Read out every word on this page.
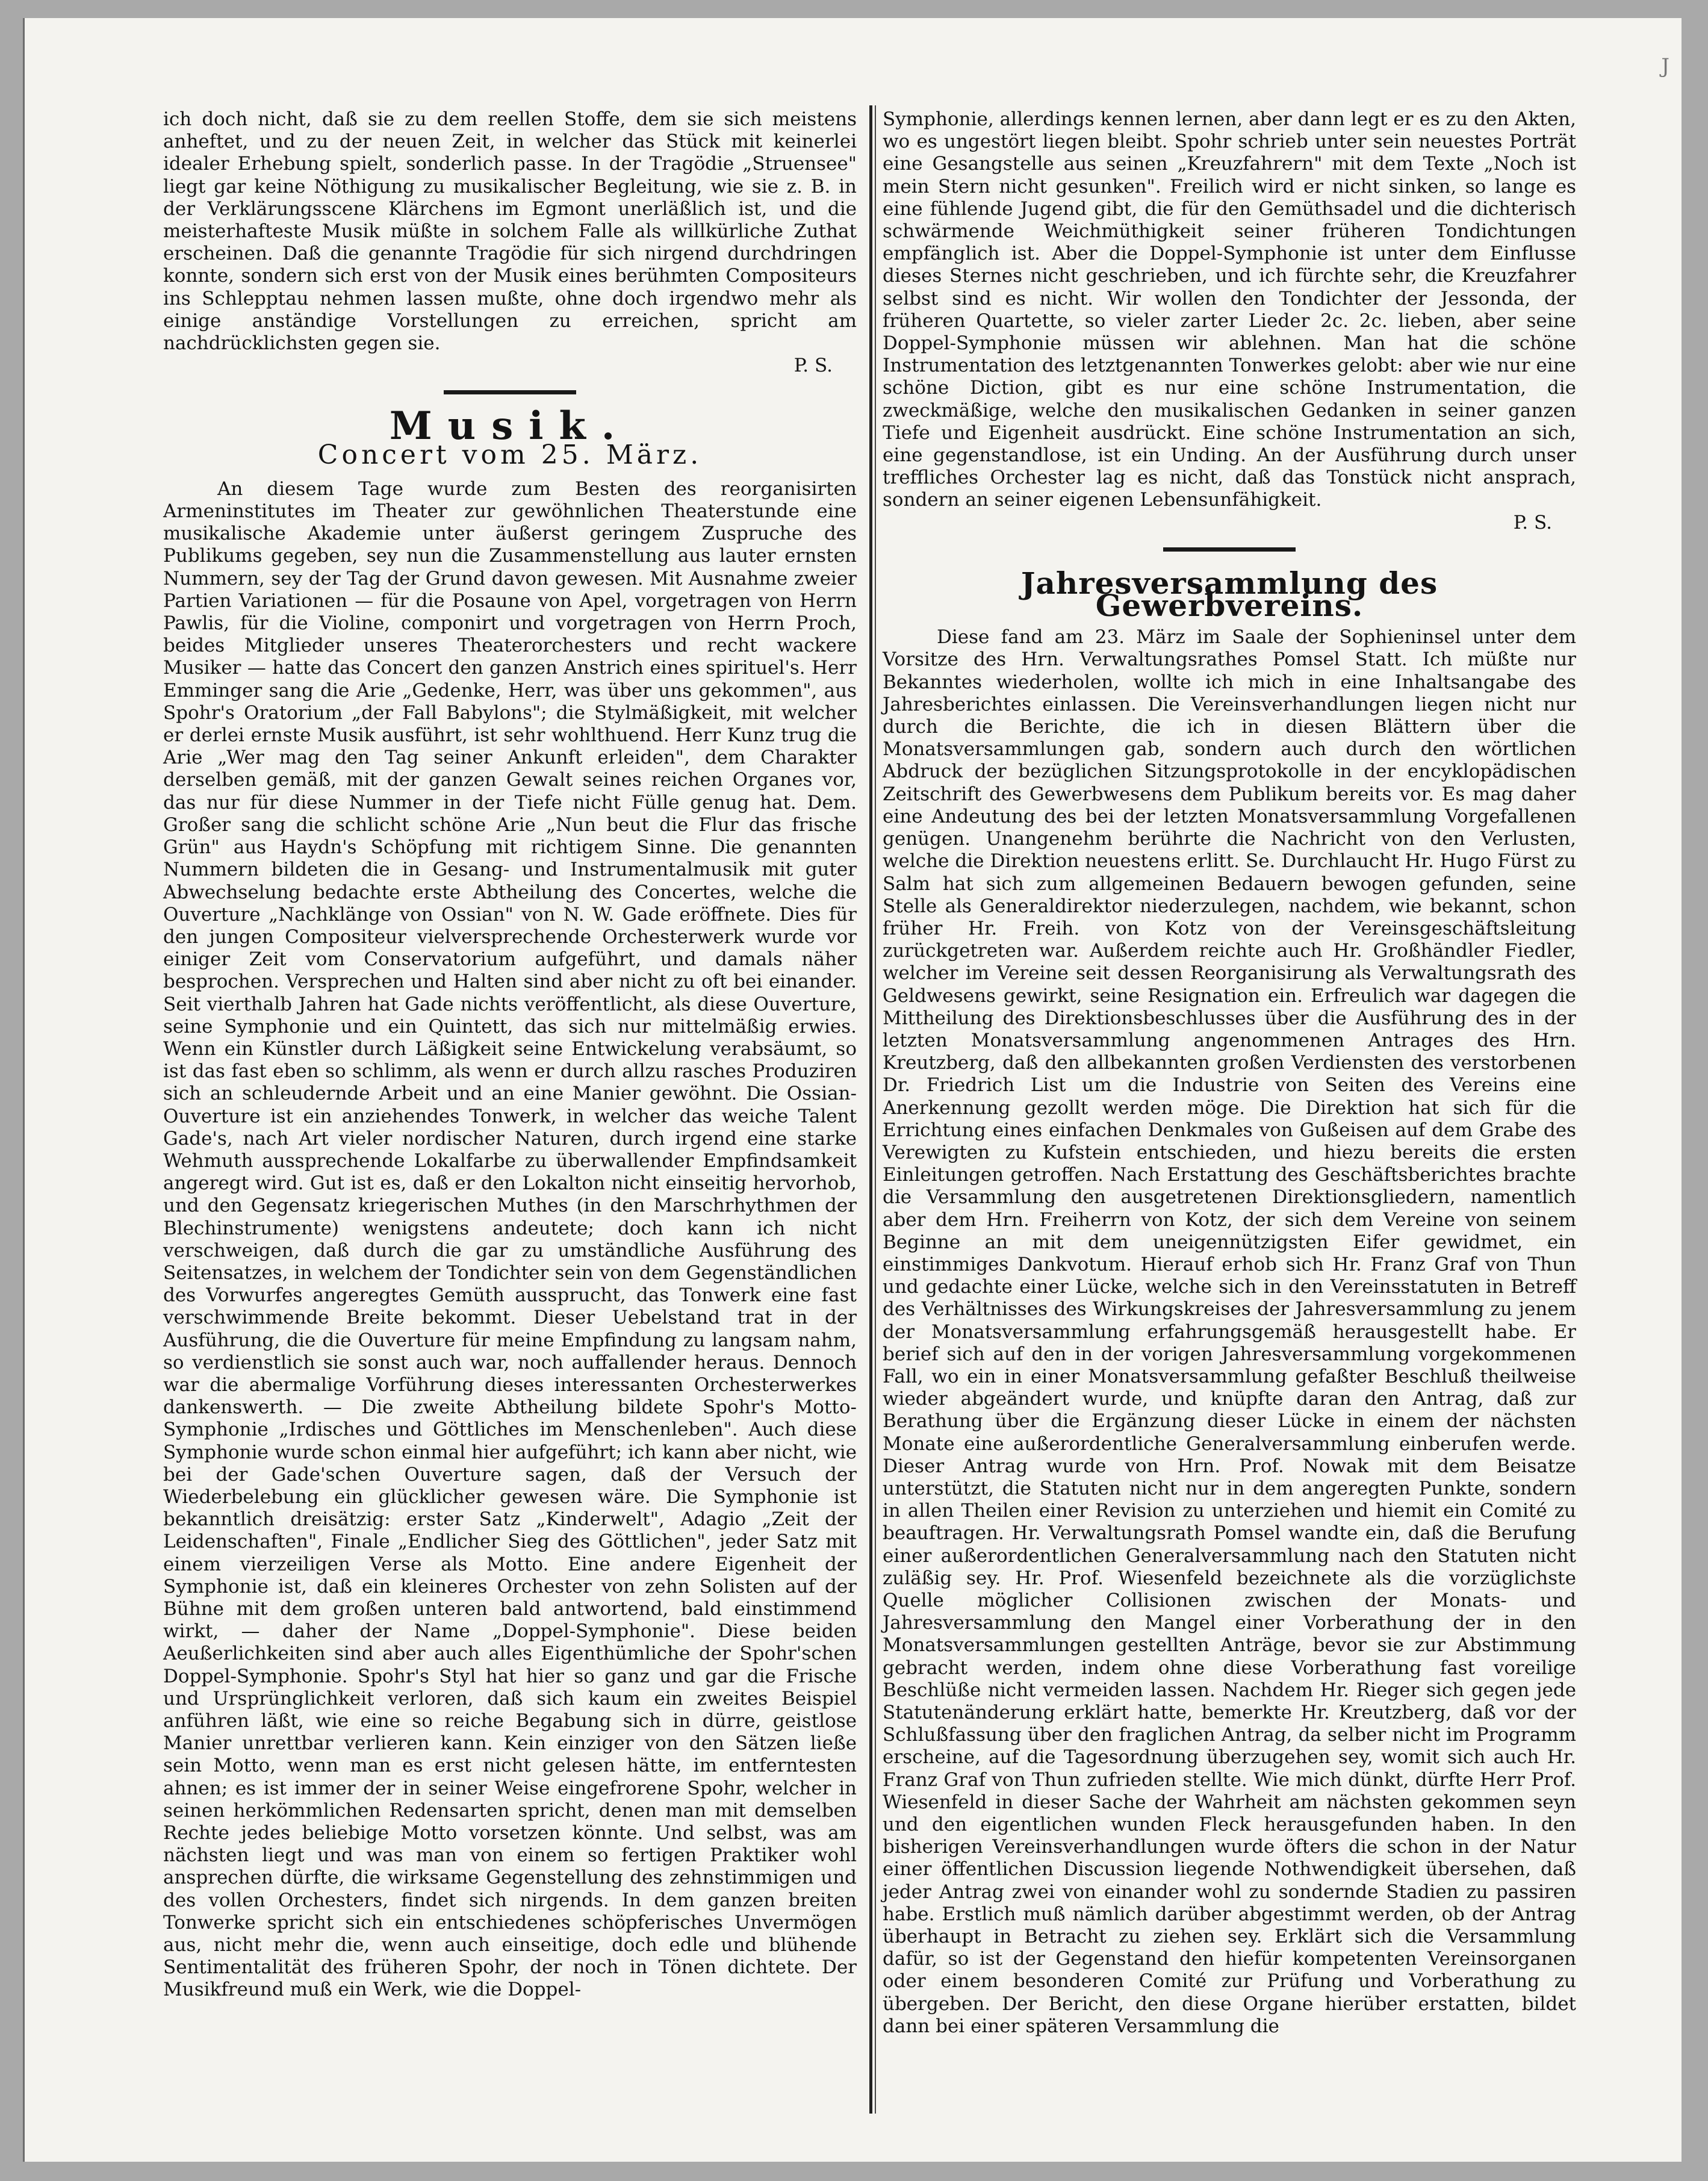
J

ich doch nicht, daß sie zu dem reellen Stoffe, dem sie sich meistens anheftet, und zu der neuen Zeit, in welcher das Stück mit keinerlei idealer Erhebung spielt, sonderlich passe. In der Tragödie „Struensee" liegt gar keine Nöthigung zu musikalischer Begleitung, wie sie z. B. in der Verklärungsscene Klärchens im Egmont unerläßlich ist, und die meisterhafteste Musik müßte in solchem Falle als willkürliche Zuthat erscheinen. Daß die genannte Tragödie für sich nirgend durchdringen konnte, sondern sich erst von der Musik eines berühmten Compositeurs ins Schlepptau nehmen lassen mußte, ohne doch irgendwo mehr als einige anständige Vorstellungen zu erreichen, spricht am nachdrücklichsten gegen sie.

P. S.

Musik.
Concert vom 25. März.

An diesem Tage wurde zum Besten des reorganisirten Armeninstitutes im Theater zur gewöhnlichen Theaterstunde eine musikalische Akademie unter äußerst geringem Zuspruche des Publikums gegeben, sey nun die Zusammenstellung aus lauter ernsten Nummern, sey der Tag der Grund davon gewesen. Mit Ausnahme zweier Partien Variationen — für die Posaune von Apel, vorgetragen von Herrn Pawlis, für die Violine, componirt und vorgetragen von Herrn Proch, beides Mitglieder unseres Theaterorchesters und recht wackere Musiker — hatte das Concert den ganzen Anstrich eines spirituel's. Herr Emminger sang die Arie „Gedenke, Herr, was über uns gekommen", aus Spohr's Oratorium „der Fall Babylons"; die Stylmäßigkeit, mit welcher er derlei ernste Musik ausführt, ist sehr wohlthuend. Herr Kunz trug die Arie „Wer mag den Tag seiner Ankunft erleiden", dem Charakter derselben gemäß, mit der ganzen Gewalt seines reichen Organes vor, das nur für diese Nummer in der Tiefe nicht Fülle genug hat. Dem. Großer sang die schlicht schöne Arie „Nun beut die Flur das frische Grün" aus Haydn's Schöpfung mit richtigem Sinne. Die genannten Nummern bildeten die in Gesang- und Instrumentalmusik mit guter Abwechselung bedachte erste Abtheilung des Concertes, welche die Ouverture „Nachklänge von Ossian" von N. W. Gade eröffnete. Dies für den jungen Compositeur vielversprechende Orchesterwerk wurde vor einiger Zeit vom Conservatorium aufgeführt, und damals näher besprochen. Versprechen und Halten sind aber nicht zu oft bei einander. Seit vierthalb Jahren hat Gade nichts veröffentlicht, als diese Ouverture, seine Symphonie und ein Quintett, das sich nur mittelmäßig erwies. Wenn ein Künstler durch Läßigkeit seine Entwickelung verabsäumt, so ist das fast eben so schlimm, als wenn er durch allzu rasches Produziren sich an schleudernde Arbeit und an eine Manier gewöhnt. Die Ossian-Ouverture ist ein anziehendes Tonwerk, in welcher das weiche Talent Gade's, nach Art vieler nordischer Naturen, durch irgend eine starke Wehmuth aussprechende Lokalfarbe zu überwallender Empfindsamkeit angeregt wird. Gut ist es, daß er den Lokalton nicht einseitig hervorhob, und den Gegensatz kriegerischen Muthes (in den Marschrhythmen der Blechinstrumente) wenigstens andeutete; doch kann ich nicht verschweigen, daß durch die gar zu umständliche Ausführung des Seitensatzes, in welchem der Tondichter sein von dem Gegenständlichen des Vorwurfes angeregtes Gemüth aussprucht, das Tonwerk eine fast verschwimmende Breite bekommt. Dieser Uebelstand trat in der Ausführung, die die Ouverture für meine Empfindung zu langsam nahm, so verdienstlich sie sonst auch war, noch auffallender heraus. Dennoch war die abermalige Vorführung dieses interessanten Orchesterwerkes dankenswerth. — Die zweite Abtheilung bildete Spohr's Motto-Symphonie „Irdisches und Göttliches im Menschenleben". Auch diese Symphonie wurde schon einmal hier aufgeführt; ich kann aber nicht, wie bei der Gade'schen Ouverture sagen, daß der Versuch der Wiederbelebung ein glücklicher gewesen wäre. Die Symphonie ist bekanntlich dreisätzig: erster Satz „Kinderwelt", Adagio „Zeit der Leidenschaften", Finale „Endlicher Sieg des Göttlichen", jeder Satz mit einem vierzeiligen Verse als Motto. Eine andere Eigenheit der Symphonie ist, daß ein kleineres Orchester von zehn Solisten auf der Bühne mit dem großen unteren bald antwortend, bald einstimmend wirkt, — daher der Name „Doppel-Symphonie". Diese beiden Aeußerlichkeiten sind aber auch alles Eigenthümliche der Spohr'schen Doppel-Symphonie. Spohr's Styl hat hier so ganz und gar die Frische und Ursprünglichkeit verloren, daß sich kaum ein zweites Beispiel anführen läßt, wie eine so reiche Begabung sich in dürre, geistlose Manier unrettbar verlieren kann. Kein einziger von den Sätzen ließe sein Motto, wenn man es erst nicht gelesen hätte, im entferntesten ahnen; es ist immer der in seiner Weise eingefrorene Spohr, welcher in seinen herkömmlichen Redensarten spricht, denen man mit demselben Rechte jedes beliebige Motto vorsetzen könnte. Und selbst, was am nächsten liegt und was man von einem so fertigen Praktiker wohl ansprechen dürfte, die wirksame Gegenstellung des zehnstimmigen und des vollen Orchesters, findet sich nirgends. In dem ganzen breiten Tonwerke spricht sich ein entschiedenes schöpferisches Unvermögen aus, nicht mehr die, wenn auch einseitige, doch edle und blühende Sentimentalität des früheren Spohr, der noch in Tönen dichtete. Der Musikfreund muß ein Werk, wie die Doppel-

Symphonie, allerdings kennen lernen, aber dann legt er es zu den Akten, wo es ungestört liegen bleibt. Spohr schrieb unter sein neuestes Porträt eine Gesangstelle aus seinen „Kreuzfahrern" mit dem Texte „Noch ist mein Stern nicht gesunken". Freilich wird er nicht sinken, so lange es eine fühlende Jugend gibt, die für den Gemüthsadel und die dichterisch schwärmende Weichmüthigkeit seiner früheren Tondichtungen empfänglich ist. Aber die Doppel-Symphonie ist unter dem Einflusse dieses Sternes nicht geschrieben, und ich fürchte sehr, die Kreuzfahrer selbst sind es nicht. Wir wollen den Tondichter der Jessonda, der früheren Quartette, so vieler zarter Lieder 2c. 2c. lieben, aber seine Doppel-Symphonie müssen wir ablehnen. Man hat die schöne Instrumentation des letztgenannten Tonwerkes gelobt: aber wie nur eine schöne Diction, gibt es nur eine schöne Instrumentation, die zweckmäßige, welche den musikalischen Gedanken in seiner ganzen Tiefe und Eigenheit ausdrückt. Eine schöne Instrumentation an sich, eine gegenstandlose, ist ein Unding. An der Ausführung durch unser treffliches Orchester lag es nicht, daß das Tonstück nicht ansprach, sondern an seiner eigenen Lebensunfähigkeit.

P. S.

Jahresversammlung des Gewerbvereins.

Diese fand am 23. März im Saale der Sophieninsel unter dem Vorsitze des Hrn. Verwaltungsrathes Pomsel Statt. Ich müßte nur Bekanntes wiederholen, wollte ich mich in eine Inhaltsangabe des Jahresberichtes einlassen. Die Vereinsverhandlungen liegen nicht nur durch die Berichte, die ich in diesen Blättern über die Monatsversammlungen gab, sondern auch durch den wörtlichen Abdruck der bezüglichen Sitzungsprotokolle in der encyklopädischen Zeitschrift des Gewerbwesens dem Publikum bereits vor. Es mag daher eine Andeutung des bei der letzten Monatsversammlung Vorgefallenen genügen. Unangenehm berührte die Nachricht von den Verlusten, welche die Direktion neuestens erlitt. Se. Durchlaucht Hr. Hugo Fürst zu Salm hat sich zum allgemeinen Bedauern bewogen gefunden, seine Stelle als Generaldirektor niederzulegen, nachdem, wie bekannt, schon früher Hr. Freih. von Kotz von der Vereinsgeschäftsleitung zurückgetreten war. Außerdem reichte auch Hr. Großhändler Fiedler, welcher im Vereine seit dessen Reorganisirung als Verwaltungsrath des Geldwesens gewirkt, seine Resignation ein. Erfreulich war dagegen die Mittheilung des Direktionsbeschlusses über die Ausführung des in der letzten Monatsversammlung angenommenen Antrages des Hrn. Kreutzberg, daß den allbekannten großen Verdiensten des verstorbenen Dr. Friedrich List um die Industrie von Seiten des Vereins eine Anerkennung gezollt werden möge. Die Direktion hat sich für die Errichtung eines einfachen Denkmales von Gußeisen auf dem Grabe des Verewigten zu Kufstein entschieden, und hiezu bereits die ersten Einleitungen getroffen. Nach Erstattung des Geschäftsberichtes brachte die Versammlung den ausgetretenen Direktionsgliedern, namentlich aber dem Hrn. Freiherrn von Kotz, der sich dem Vereine von seinem Beginne an mit dem uneigennützigsten Eifer gewidmet, ein einstimmiges Dankvotum. Hierauf erhob sich Hr. Franz Graf von Thun und gedachte einer Lücke, welche sich in den Vereinsstatuten in Betreff des Verhältnisses des Wirkungskreises der Jahresversammlung zu jenem der Monatsversammlung erfahrungsgemäß herausgestellt habe. Er berief sich auf den in der vorigen Jahresversammlung vorgekommenen Fall, wo ein in einer Monatsversammlung gefaßter Beschluß theilweise wieder abgeändert wurde, und knüpfte daran den Antrag, daß zur Berathung über die Ergänzung dieser Lücke in einem der nächsten Monate eine außerordentliche Generalversammlung einberufen werde. Dieser Antrag wurde von Hrn. Prof. Nowak mit dem Beisatze unterstützt, die Statuten nicht nur in dem angeregten Punkte, sondern in allen Theilen einer Revision zu unterziehen und hiemit ein Comité zu beauftragen. Hr. Verwaltungsrath Pomsel wandte ein, daß die Berufung einer außerordentlichen Generalversammlung nach den Statuten nicht zuläßig sey. Hr. Prof. Wiesenfeld bezeichnete als die vorzüglichste Quelle möglicher Collisionen zwischen der Monats- und Jahresversammlung den Mangel einer Vorberathung der in den Monatsversammlungen gestellten Anträge, bevor sie zur Abstimmung gebracht werden, indem ohne diese Vorberathung fast voreilige Beschlüße nicht vermeiden lassen. Nachdem Hr. Rieger sich gegen jede Statutenänderung erklärt hatte, bemerkte Hr. Kreutzberg, daß vor der Schlußfassung über den fraglichen Antrag, da selber nicht im Programm erscheine, auf die Tagesordnung überzugehen sey, womit sich auch Hr. Franz Graf von Thun zufrieden stellte. Wie mich dünkt, dürfte Herr Prof. Wiesenfeld in dieser Sache der Wahrheit am nächsten gekommen seyn und den eigentlichen wunden Fleck herausgefunden haben. In den bisherigen Vereinsverhandlungen wurde öfters die schon in der Natur einer öffentlichen Discussion liegende Nothwendigkeit übersehen, daß jeder Antrag zwei von einander wohl zu sondernde Stadien zu passiren habe. Erstlich muß nämlich darüber abgestimmt werden, ob der Antrag überhaupt in Betracht zu ziehen sey. Erklärt sich die Versammlung dafür, so ist der Gegenstand den hiefür kompetenten Vereinsorganen oder einem besonderen Comité zur Prüfung und Vorberathung zu übergeben. Der Bericht, den diese Organe hierüber erstatten, bildet dann bei einer späteren Versammlung die
